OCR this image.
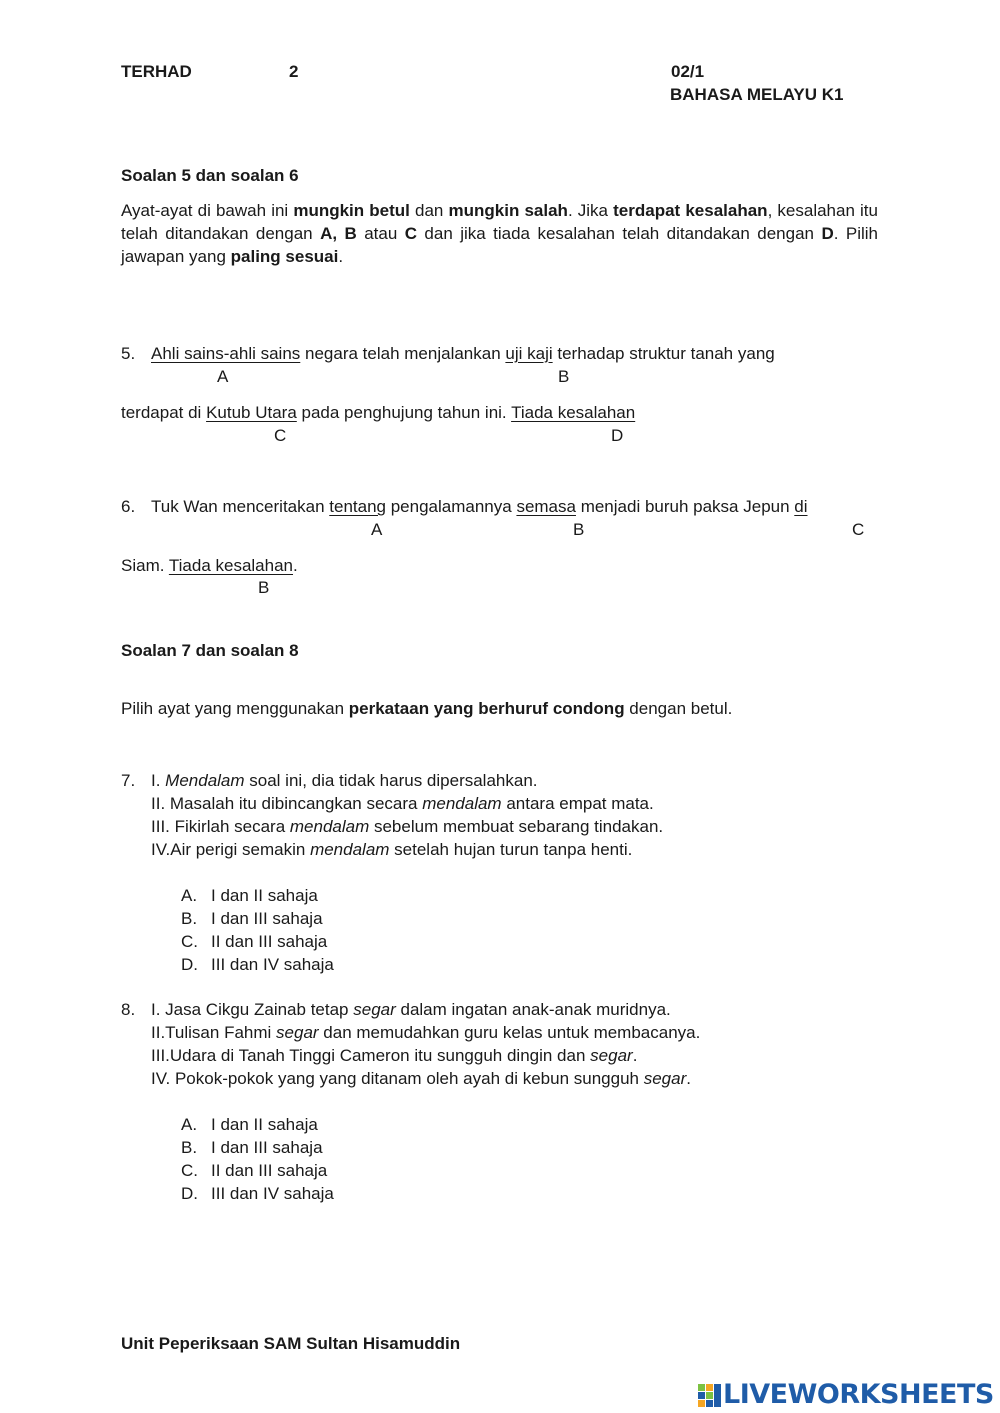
TERHAD	2	02/1
BAHASA MELAYU K1
Soalan 5 dan soalan 6
Ayat-ayat di bawah ini mungkin betul dan mungkin salah. Jika terdapat kesalahan, kesalahan itu telah ditandakan dengan A, B atau C dan jika tiada kesalahan telah ditandakan dengan D. Pilih jawapan yang paling sesuai.
5. Ahli sains-ahli sains negara telah menjalankan uji kaji terhadap struktur tanah yang
A	B
terdapat di Kutub Utara pada penghujung tahun ini. Tiada kesalahan
C	D
6. Tuk Wan menceritakan tentang pengalamannya semasa menjadi buruh paksa Jepun di
A	B	C
Siam. Tiada kesalahan.
B
Soalan 7 dan soalan 8
Pilih ayat yang menggunakan perkataan yang berhuruf condong dengan betul.
7. I. Mendalam soal ini, dia tidak harus dipersalahkan.
II. Masalah itu dibincangkan secara mendalam antara empat mata.
III. Fikirlah secara mendalam sebelum membuat sebarang tindakan.
IV.Air perigi semakin mendalam setelah hujan turun tanpa henti.
A. I dan II sahaja
B. I dan III sahaja
C. II dan III sahaja
D. III dan IV sahaja
8. I. Jasa Cikgu Zainab tetap segar dalam ingatan anak-anak muridnya.
II.Tulisan Fahmi segar dan memudahkan guru kelas untuk membacanya.
III.Udara di Tanah Tinggi Cameron itu sungguh dingin dan segar.
IV. Pokok-pokok yang yang ditanam oleh ayah di kebun sungguh segar.
A. I dan II sahaja
B. I dan III sahaja
C. II dan III sahaja
D. III dan IV sahaja
Unit Peperiksaan SAM Sultan Hisamuddin
LIVEWORKSHEETS
